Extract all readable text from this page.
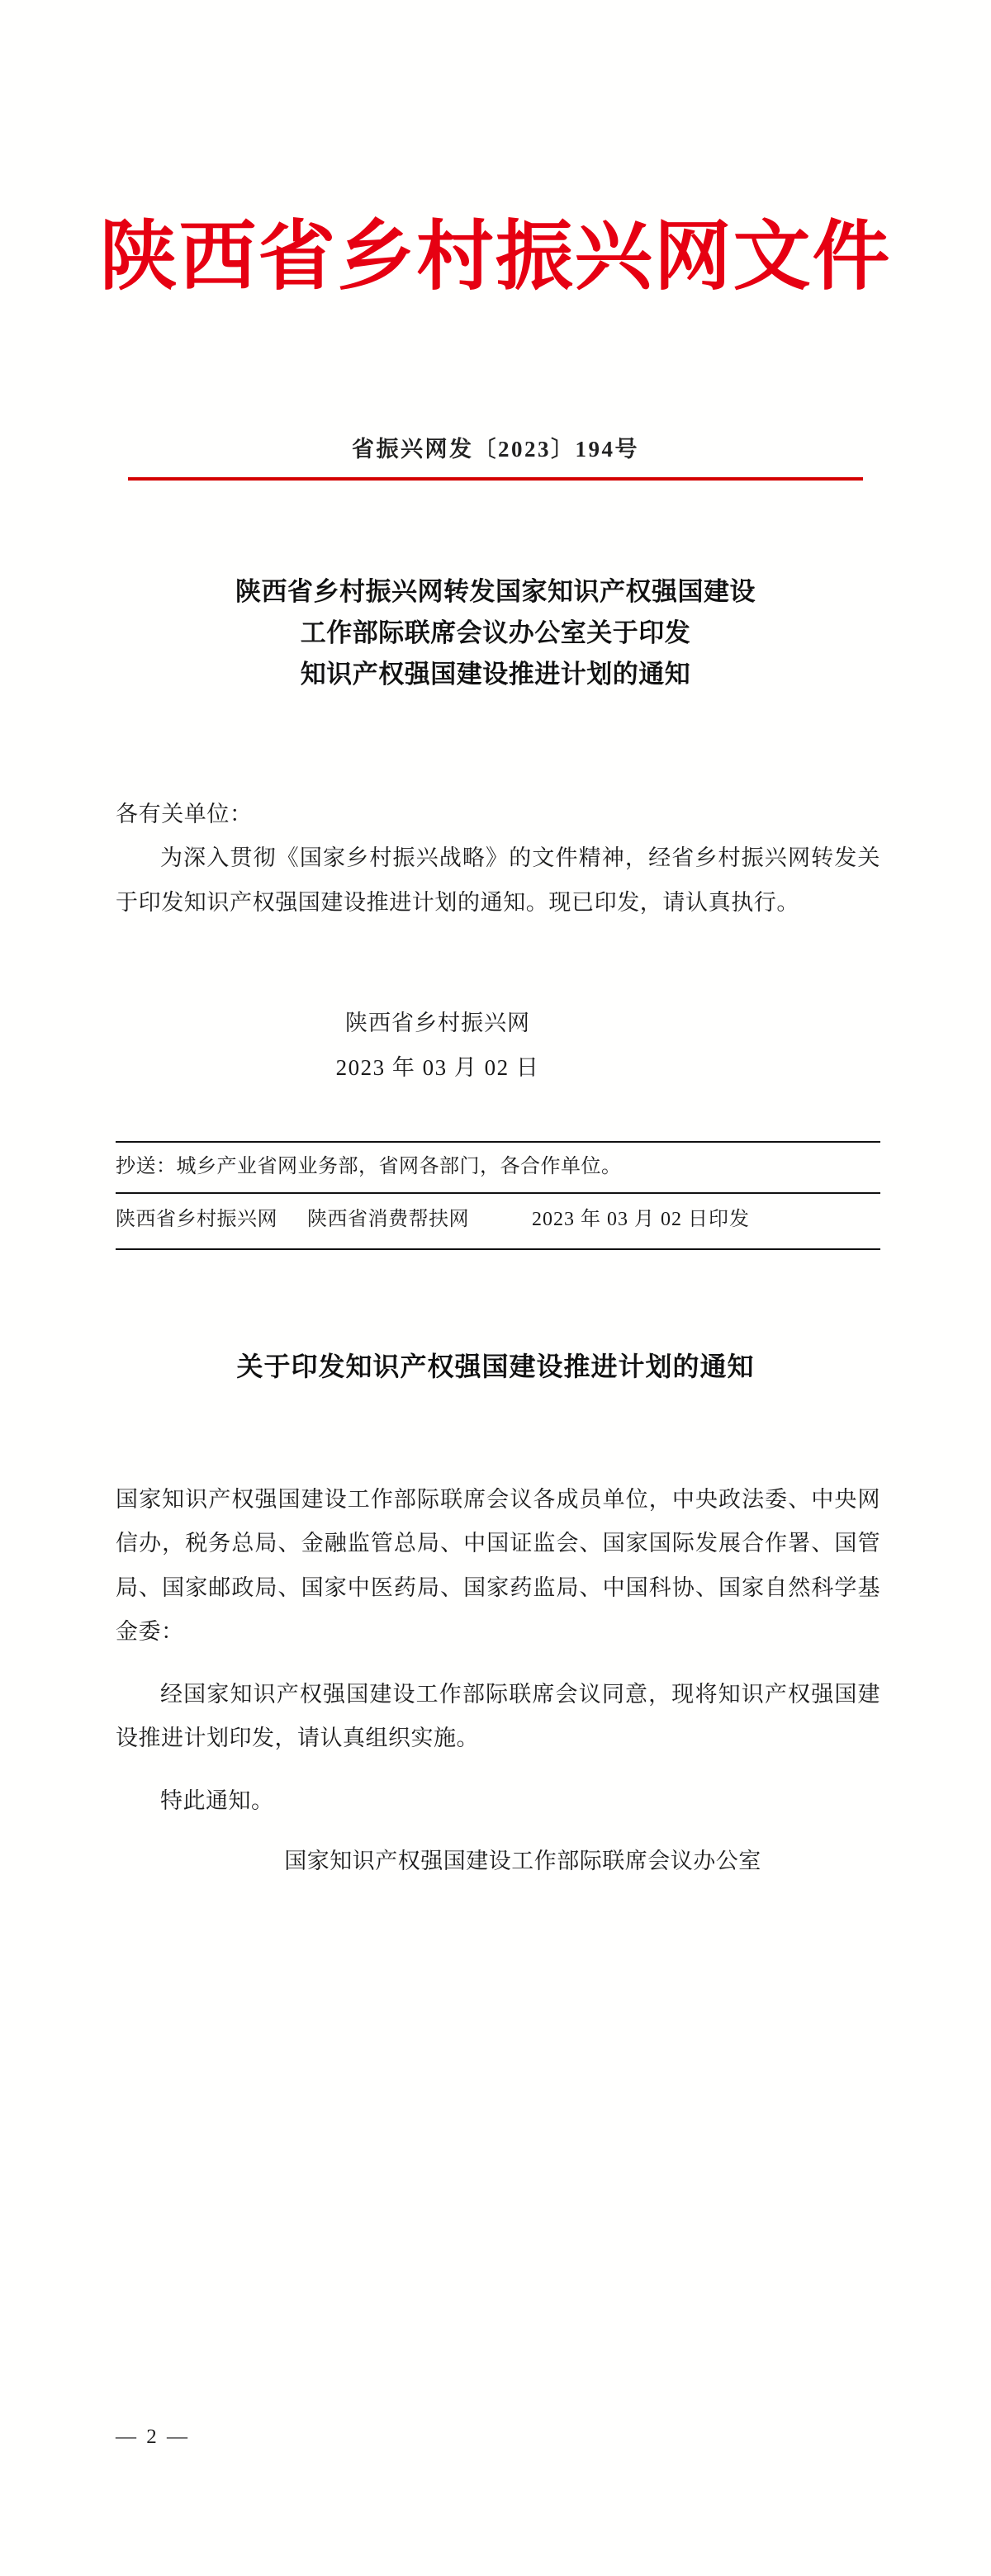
陕西省乡村振兴网文件
省振兴网发〔2023〕194号
陕西省乡村振兴网转发国家知识产权强国建设
工作部际联席会议办公室关于印发
知识产权强国建设推进计划的通知

各有关单位：

为深入贯彻《国家乡村振兴战略》的文件精神，经省乡村振兴网转发关于印发知识产权强国建设推进计划的通知。现已印发，请认真执行。

陕西省乡村振兴网
2023 年 03 月 02 日
抄送：城乡产业省网业务部，省网各部门，各合作单位。
陕西省乡村振兴网 陕西省消费帮扶网	2023 年 03 月 02 日印发
关于印发知识产权强国建设推进计划的通知

国家知识产权强国建设工作部际联席会议各成员单位，中央政法委、中央网信办，税务总局、金融监管总局、中国证监会、国家国际发展合作署、国管局、国家邮政局、国家中医药局、国家药监局、中国科协、国家自然科学基金委：

经国家知识产权强国建设工作部际联席会议同意，现将知识产权强国建设推进计划印发，请认真组织实施。

特此通知。

国家知识产权强国建设工作部际联席会议办公室
— 2 —
